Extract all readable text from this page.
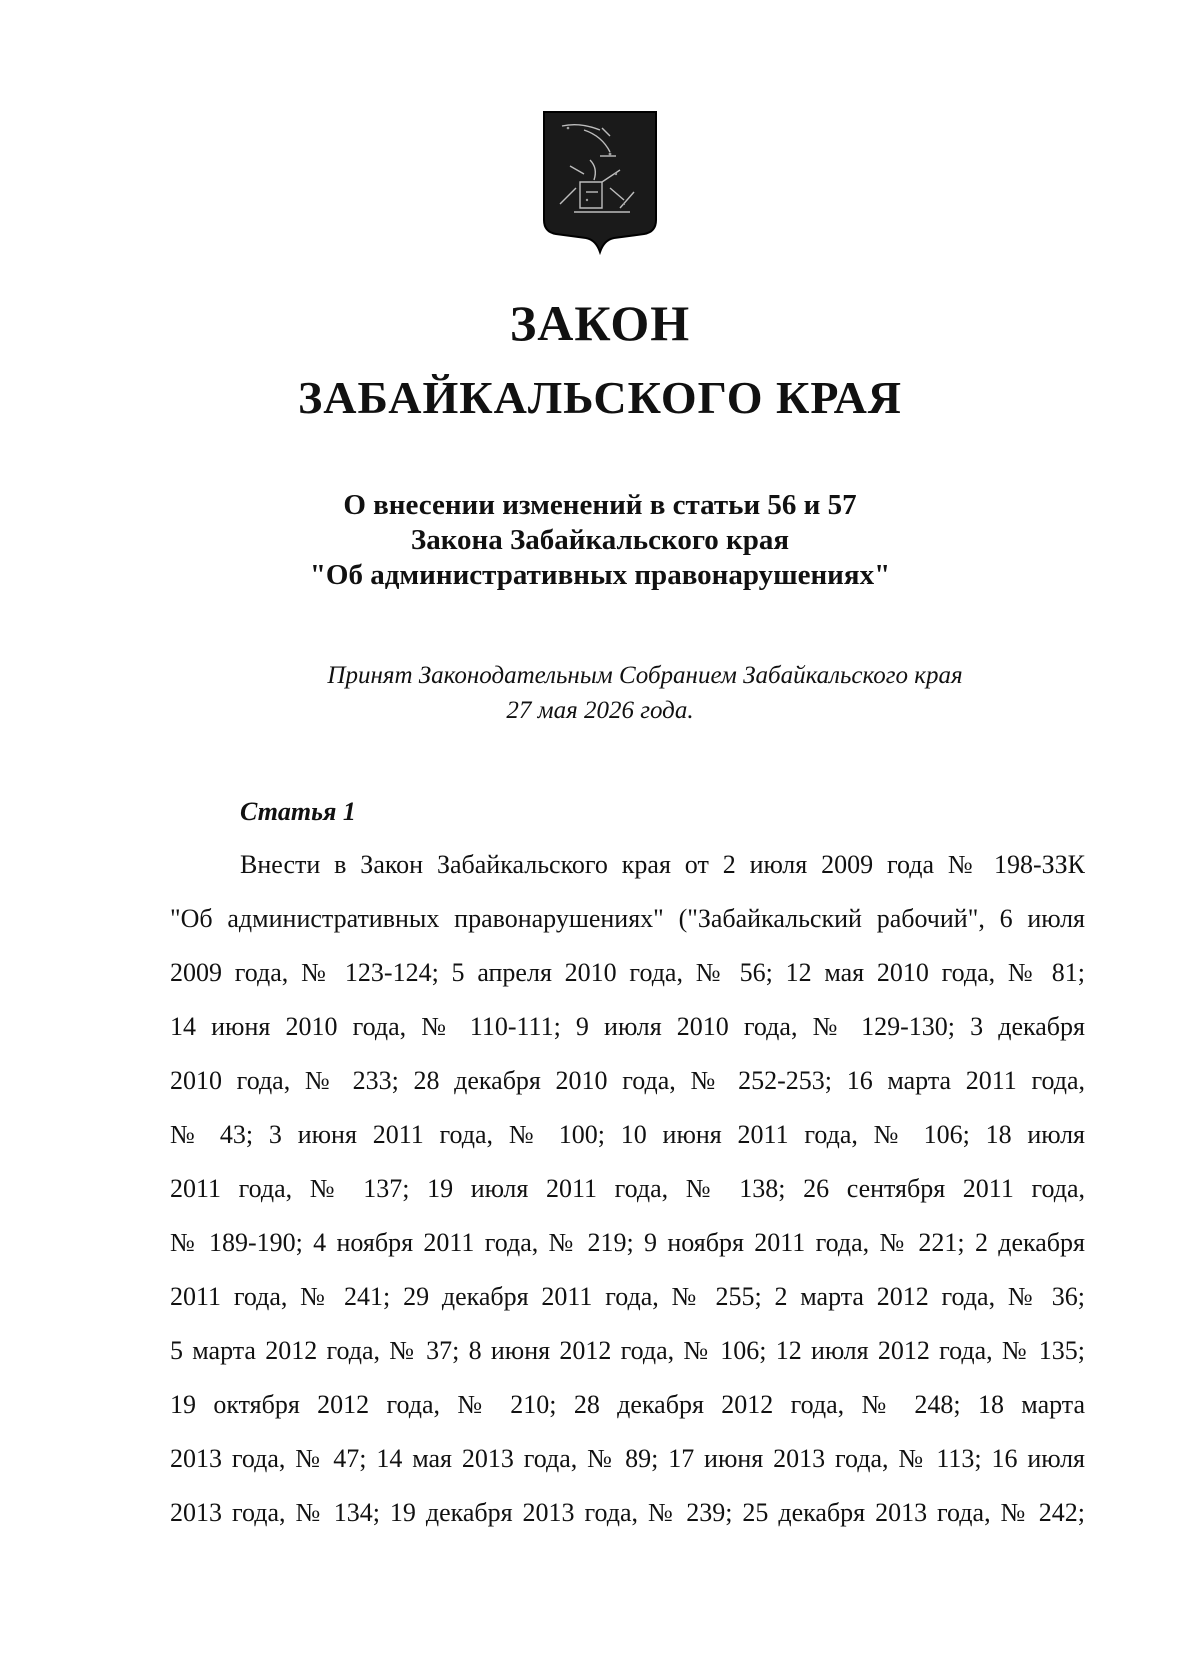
ЗАКОН
ЗАБАЙКАЛЬСКОГО КРАЯ
О внесении изменений в статьи 56 и 57
Закона Забайкальского края
"Об административных правонарушениях"
Принят Законодательным Собранием Забайкальского края
27 мая 2026 года.
Статья 1
Внести в Закон Забайкальского края от 2 июля 2009 года № 198-ЗЗК
"Об административных правонарушениях" ("Забайкальский рабочий", 6 июля
2009 года, № 123-124; 5 апреля 2010 года, № 56; 12 мая 2010 года, № 81;
14 июня 2010 года, № 110-111; 9 июля 2010 года, № 129-130; 3 декабря
2010 года, № 233; 28 декабря 2010 года, № 252-253; 16 марта 2011 года,
№ 43; 3 июня 2011 года, № 100; 10 июня 2011 года, № 106; 18 июля
2011 года, № 137; 19 июля 2011 года, № 138; 26 сентября 2011 года,
№ 189-190; 4 ноября 2011 года, № 219; 9 ноября 2011 года, № 221; 2 декабря
2011 года, № 241; 29 декабря 2011 года, № 255; 2 марта 2012 года, № 36;
5 марта 2012 года, № 37; 8 июня 2012 года, № 106; 12 июля 2012 года, № 135;
19 октября 2012 года, № 210; 28 декабря 2012 года, № 248; 18 марта
2013 года, № 47; 14 мая 2013 года, № 89; 17 июня 2013 года, № 113; 16 июля
2013 года, № 134; 19 декабря 2013 года, № 239; 25 декабря 2013 года, № 242;
